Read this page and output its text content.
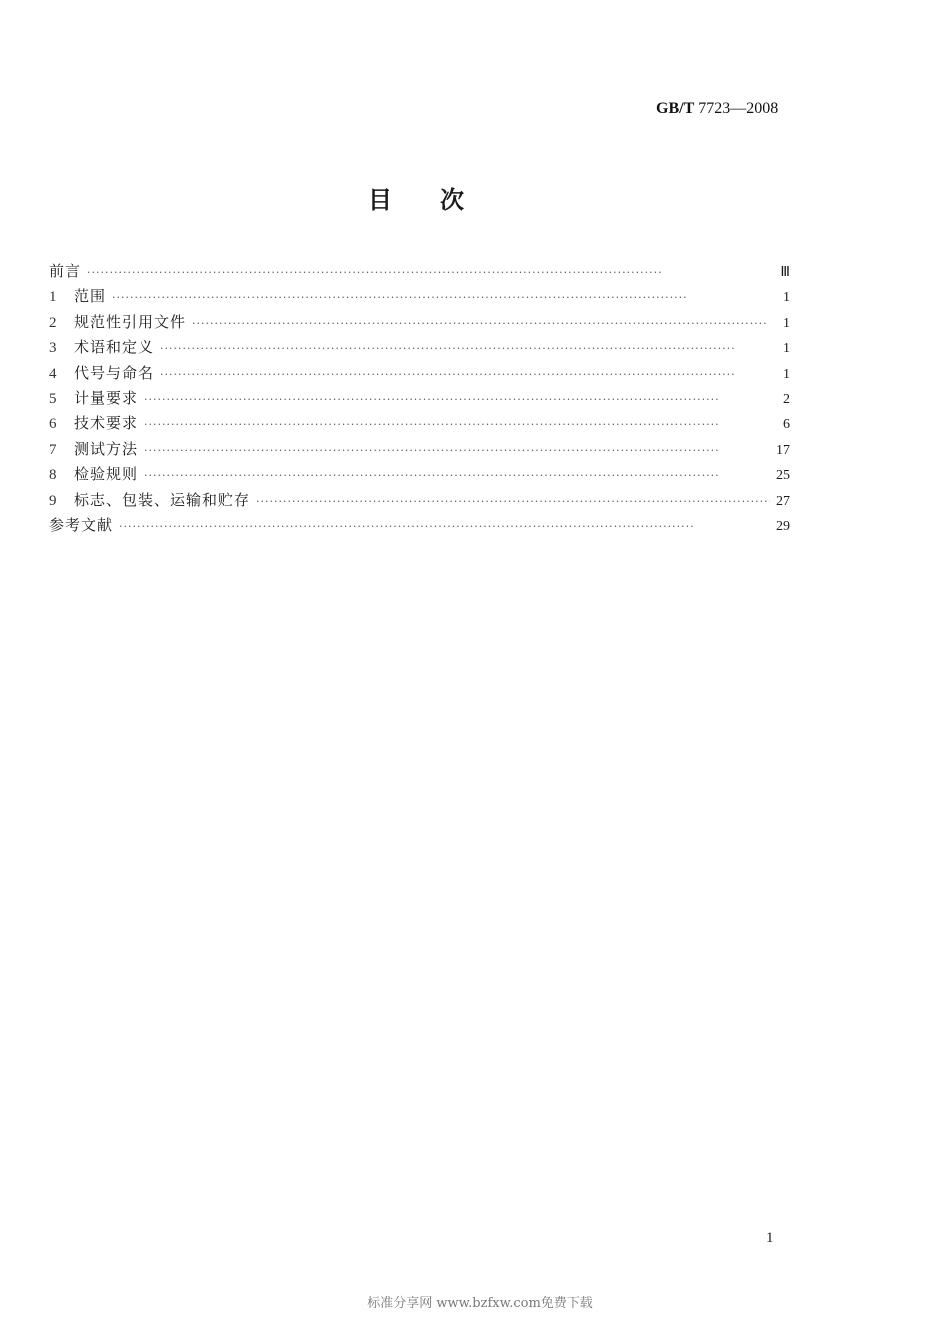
GB/T 7723—2008
目次
前言 ·····	Ⅲ
1	范围 ·····	1
2	规范性引用文件 ·····	1
3	术语和定义 ·····	1
4	代号与命名 ·····	1
5	计量要求 ·····	2
6	技术要求 ·····	6
7	测试方法 ·····	17
8	检验规则 ·····	25
9	标志、包装、运输和贮存 ·····	27
参考文献 ·····	29
1
标准分享网 www.bzfxw.com免费下载
